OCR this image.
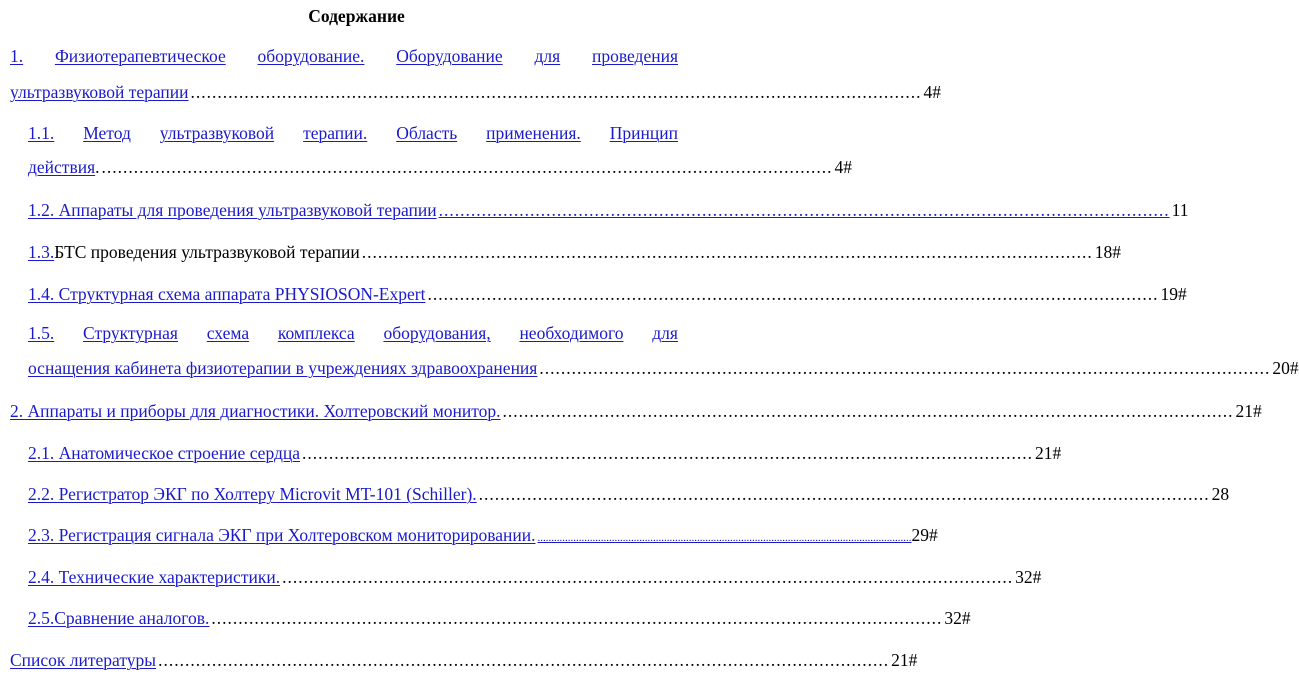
Содержание
1. Физиотерапевтическое оборудование. Оборудование для проведения
ультразвуковой терапии ........................................................................................................................................ 4#
1.1. Метод ультразвуковой терапии. Область применения. Принцип
действия . ........................................................................................................................................ 4#
1.2. Аппараты для проведения ультразвуковой терапии ........................................................................................................................................ 11
1.3. БТС проведения ультразвуковой терапии ........................................................................................................................................ 18#
1.4. Структурная схема аппарата PHYSIOSON-Expert ........................................................................................................................................ 19#
1.5. Структурная схема комплекса оборудования, необходимого для
оснащения кабинета физиотерапии в учреждениях здравоохранения ........................................................................................................................................ 20#
2. Аппараты и приборы для диагностики. Холтеровский монитор. ........................................................................................................................................ 21#
2.1. Анатомическое строение сердца ........................................................................................................................................ 21#
2.2. Регистратор ЭКГ по Холтеру Microvit MT-101 (Schiller). ........................................................................................................................................ 28
2.3. Регистрация сигнала ЭКГ при Холтеровском мониторировании. ........................................................................................................................................ 29#
2.4. Технические характеристики. ........................................................................................................................................ 32#
2.5.Сравнение аналогов. ........................................................................................................................................ 32#
Список литературы ........................................................................................................................................ 21#
